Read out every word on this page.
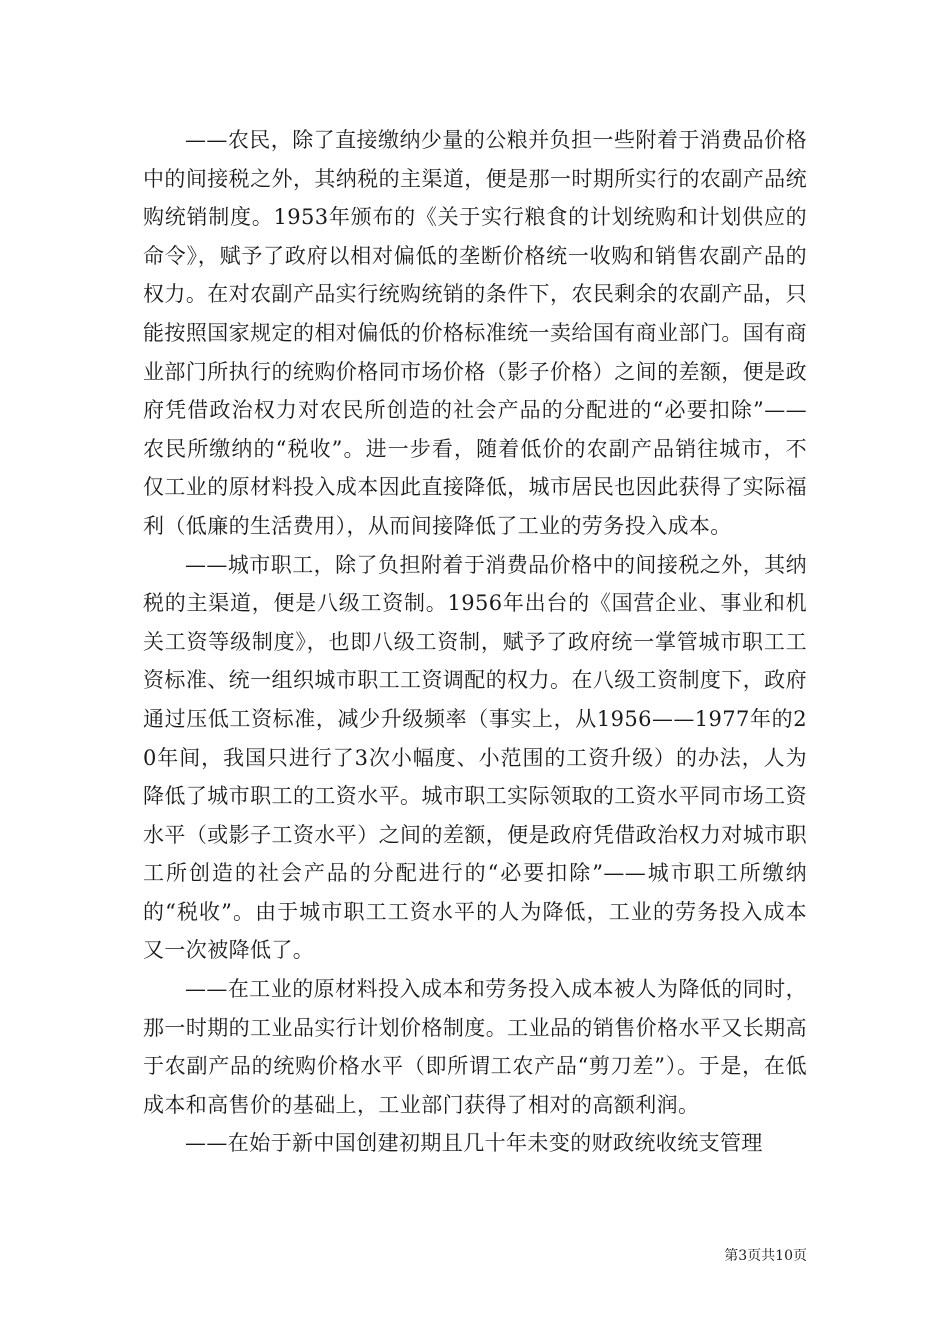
——农民，除了直接缴纳少量的公粮并负担一些附着于消费品价格中的间接税之外，其纳税的主渠道，便是那一时期所实行的农副产品统购统销制度。1953年颁布的《关于实行粮食的计划统购和计划供应的命令》，赋予了政府以相对偏低的垄断价格统一收购和销售农副产品的权力。在对农副产品实行统购统销的条件下，农民剩余的农副产品，只能按照国家规定的相对偏低的价格标准统一卖给国有商业部门。国有商业部门所执行的统购价格同市场价格（影子价格）之间的差额，便是政府凭借政治权力对农民所创造的社会产品的分配进的“必要扣除”——农民所缴纳的“税收”。进一步看，随着低价的农副产品销往城市，不仅工业的原材料投入成本因此直接降低，城市居民也因此获得了实际福利（低廉的生活费用），从而间接降低了工业的劳务投入成本。

——城市职工，除了负担附着于消费品价格中的间接税之外，其纳税的主渠道，便是八级工资制。1956年出台的《国营企业、事业和机关工资等级制度》，也即八级工资制，赋予了政府统一掌管城市职工工资标准、统一组织城市职工工资调配的权力。在八级工资制度下，政府通过压低工资标准，减少升级频率（事实上，从1956——1977年的20年间，我国只进行了3次小幅度、小范围的工资升级）的办法，人为降低了城市职工的工资水平。城市职工实际领取的工资水平同市场工资水平（或影子工资水平）之间的差额，便是政府凭借政治权力对城市职工所创造的社会产品的分配进行的“必要扣除”——城市职工所缴纳的“税收”。由于城市职工工资水平的人为降低，工业的劳务投入成本又一次被降低了。

——在工业的原材料投入成本和劳务投入成本被人为降低的同时，那一时期的工业品实行计划价格制度。工业品的销售价格水平又长期高于农副产品的统购价格水平（即所谓工农产品“剪刀差”）。于是，在低成本和高售价的基础上，工业部门获得了相对的高额利润。

——在始于新中国创建初期且几十年未变的财政统收统支管理

第3页共10页
